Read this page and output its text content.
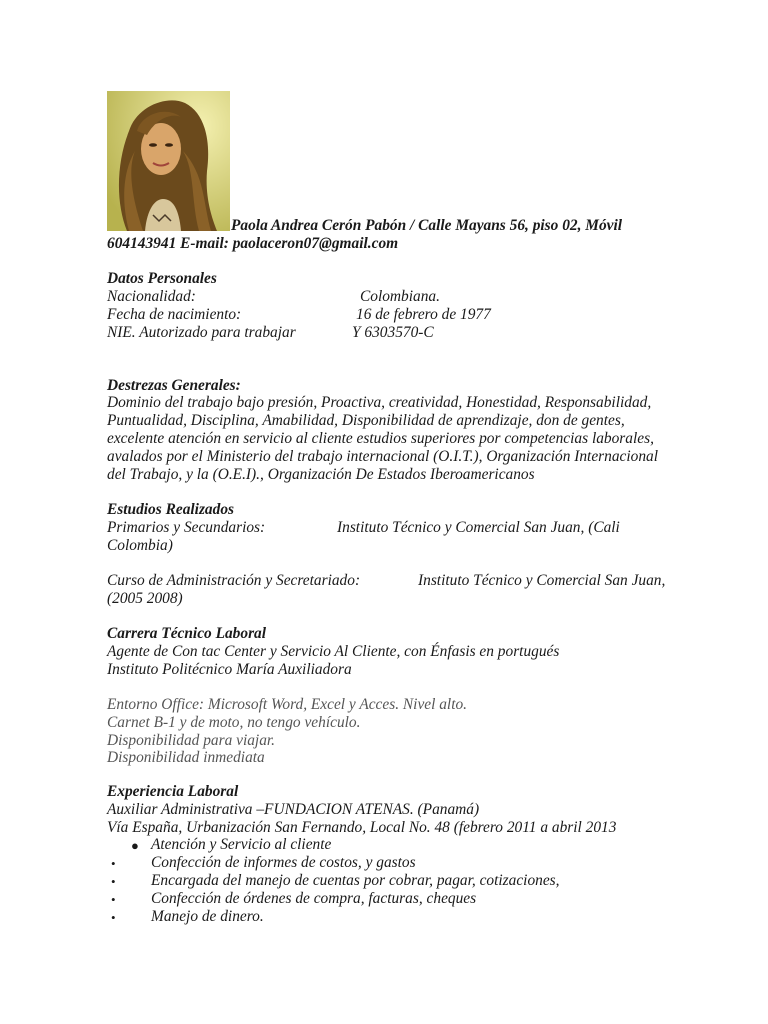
Paola Andrea Cerón Pabón / Calle Mayans 56, piso 02, Móvil

604143941 E-mail: paolaceron07@gmail.com

Datos Personales

Nacionalidad:	Colombiana.

Fecha de nacimiento:	16 de febrero de 1977

NIE. Autorizado para trabajar	Y 6303570-C

Destrezas Generales:

Dominio del trabajo bajo presión, Proactiva, creatividad, Honestidad, Responsabilidad,

Puntualidad, Disciplina, Amabilidad, Disponibilidad de aprendizaje, don de gentes,

excelente atención en servicio al cliente estudios superiores por competencias laborales,

avalados por el Ministerio del trabajo internacional (O.I.T.), Organización Internacional

del Trabajo, y la (O.E.I)., Organización De Estados Iberoamericanos

Estudios Realizados

Primarios y Secundarios:	Instituto Técnico y Comercial San Juan, (Cali

Colombia)

Curso de Administración y Secretariado:	Instituto Técnico y Comercial San Juan,

(2005 2008)

Carrera Técnico Laboral

Agente de Con tac Center y Servicio Al Cliente, con Énfasis en portugués

Instituto Politécnico María Auxiliadora

Entorno Office: Microsoft Word, Excel y Acces. Nivel alto.

Carnet B-1 y de moto, no tengo vehículo.

Disponibilidad para viajar.

Disponibilidad inmediata

Experiencia Laboral

Auxiliar Administrativa –FUNDACION ATENAS. (Panamá)

Vía España, Urbanización San Fernando, Local No. 48 (febrero 2011 a abril 2013

● Atención y Servicio al cliente

• Confección de informes de costos, y gastos

• Encargada del manejo de cuentas por cobrar, pagar, cotizaciones,

• Confección de órdenes de compra, facturas, cheques

• Manejo de dinero.
